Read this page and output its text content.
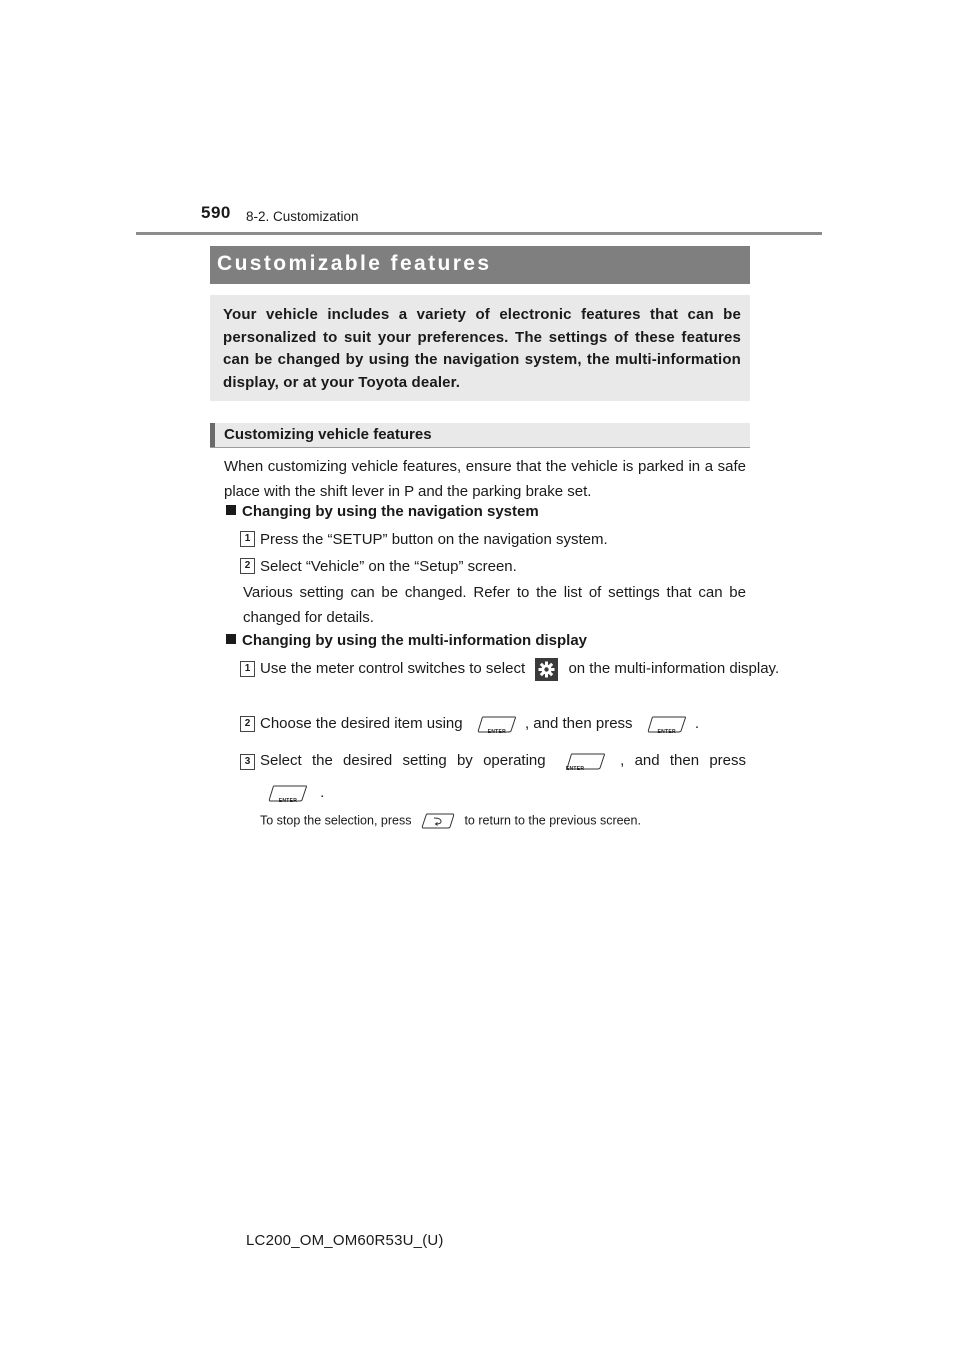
590 8-2. Customization
Customizable features

Your vehicle includes a variety of electronic features that can be personalized to suit your preferences. The settings of these features can be changed by using the navigation system, the multi-information display, or at your Toyota dealer.

Customizing vehicle features
When customizing vehicle features, ensure that the vehicle is parked in a safe place with the shift lever in P and the parking brake set.
Changing by using the navigation system
1 Press the “SETUP” button on the navigation system.
2 Select “Vehicle” on the “Setup” screen.
Various setting can be changed. Refer to the list of settings that can be changed for details.
Changing by using the multi-information display
1 Use the meter control switches to select	on the multi-information display.
2 Choose the desired item using	ENTER	, and then press	ENTER	.
3 Select the desired setting by operating	ENTER	, and then press
ENTER	.
To stop the selection, press	to return to the previous screen.
LC200_OM_OM60R53U_(U)
